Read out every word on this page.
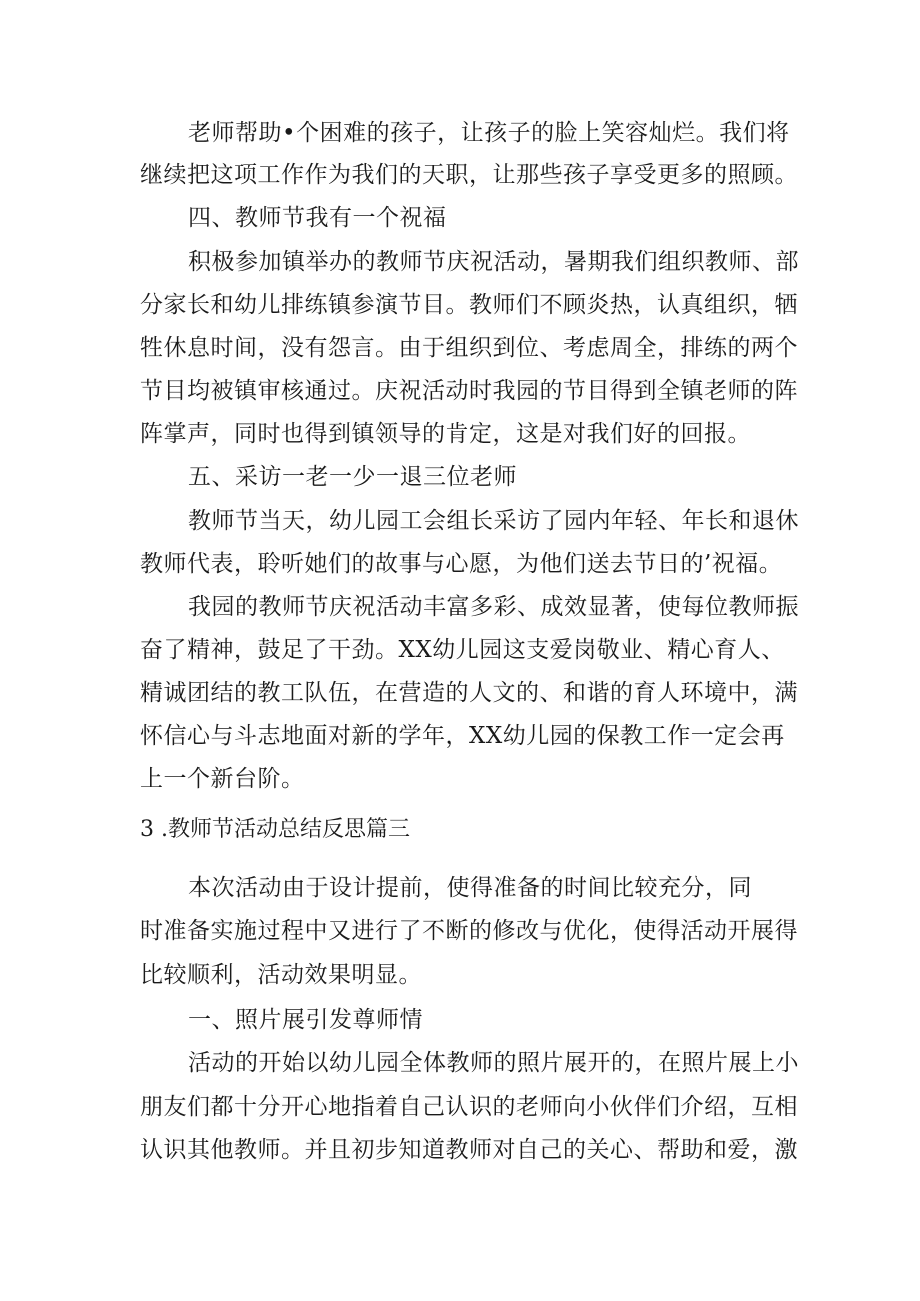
老师帮助•个困难的孩子，让孩子的脸上笑容灿烂。我们将
继续把这项工作作为我们的天职，让那些孩子享受更多的照顾。
四、教师节我有一个祝福
积极参加镇举办的教师节庆祝活动，暑期我们组织教师、部
分家长和幼儿排练镇参演节目。教师们不顾炎热，认真组织，牺
牲休息时间，没有怨言。由于组织到位、考虑周全，排练的两个
节目均被镇审核通过。庆祝活动时我园的节目得到全镇老师的阵
阵掌声，同时也得到镇领导的肯定，这是对我们好的回报。
五、采访一老一少一退三位老师
教师节当天，幼儿园工会组长采访了园内年轻、年长和退休
教师代表，聆听她们的故事与心愿，为他们送去节日的’祝福。
我园的教师节庆祝活动丰富多彩、成效显著，使每位教师振
奋了精神，鼓足了干劲。XX幼儿园这支爱岗敬业、精心育人、
精诚团结的教工队伍，在营造的人文的、和谐的育人环境中，满
怀信心与斗志地面对新的学年，XX幼儿园的保教工作一定会再
上一个新台阶。
3 .教师节活动总结反思篇三
本次活动由于设计提前，使得准备的时间比较充分，同
时准备实施过程中又进行了不断的修改与优化，使得活动开展得
比较顺利，活动效果明显。
一、照片展引发尊师情
活动的开始以幼儿园全体教师的照片展开的，在照片展上小
朋友们都十分开心地指着自己认识的老师向小伙伴们介绍，互相
认识其他教师。并且初步知道教师对自己的关心、帮助和爱，激
